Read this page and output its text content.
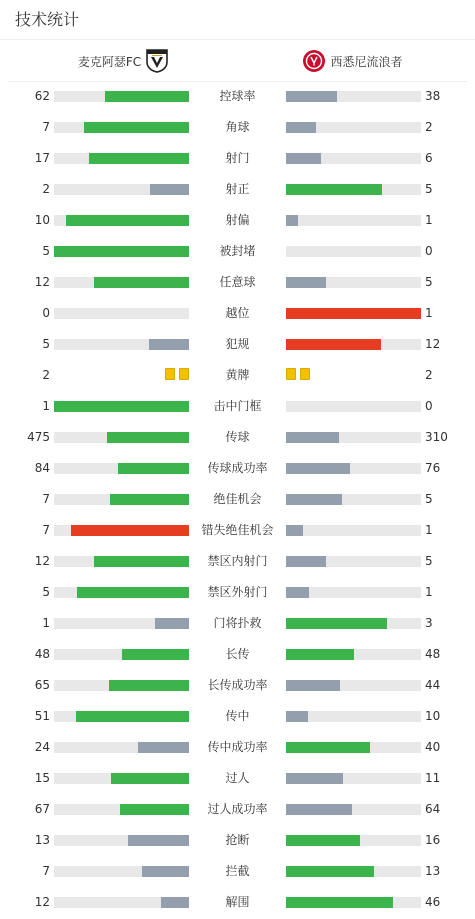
技术统计
麦克阿瑟FC	西悉尼流浪者
62	控球率	38
7	角球	2
17	射门	6
2	射正	5
10	射偏	1
5	被封堵	0
12	任意球	5
0	越位	1
5	犯规	12
2	黄牌	2
1	击中门框	0
475	传球	310
84	传球成功率	76
7	绝佳机会	5
7	错失绝佳机会	1
12	禁区内射门	5
5	禁区外射门	1
1	门将扑救	3
48	长传	48
65	长传成功率	44
51	传中	10
24	传中成功率	40
15	过人	11
67	过人成功率	64
13	抢断	16
7	拦截	13
12	解围	46
